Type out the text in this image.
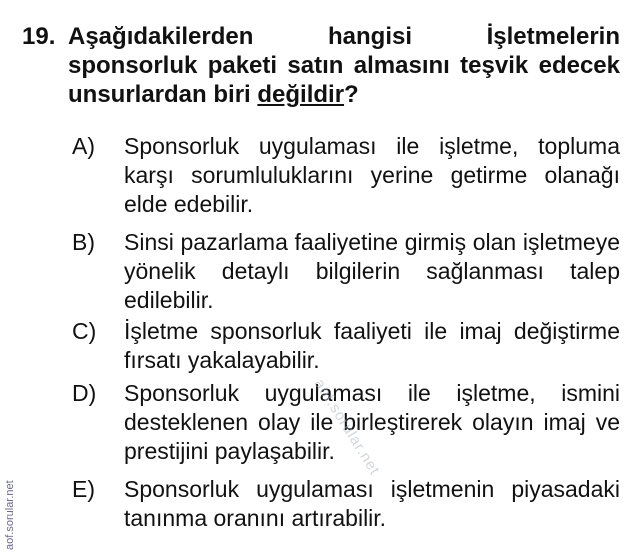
19. Aşağıdakilerden hangisi İşletmelerin sponsorluk paketi satın almasını teşvik edecek unsurlardan biri değildir?
A) Sponsorluk uygulaması ile işletme, topluma karşı sorumluluklarını yerine getirme olanağı elde edebilir.
B) Sinsi pazarlama faaliyetine girmiş olan işletmeye yönelik detaylı bilgilerin sağlanması talep edilebilir.
C) İşletme sponsorluk faaliyeti ile imaj değiştirme fırsatı yakalayabilir.
D) Sponsorluk uygulaması ile işletme, ismini desteklenen olay ile birleştirerek olayın imaj ve prestijini paylaşabilir.
E) Sponsorluk uygulaması işletmenin piyasadaki tanınma oranını artırabilir.
aof.sorular.net
aof.sorular.net
